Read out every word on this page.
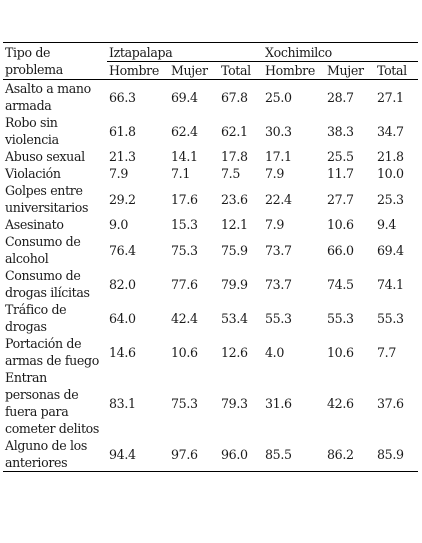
Tipo de problema	Iztapalapa			Xochimilco		
	Hombre	Mujer	Total	Hombre	Mujer	Total
Asalto a mano armada	66.3	69.4	67.8	25.0	28.7	27.1
Robo sin violencia	61.8	62.4	62.1	30.3	38.3	34.7
Abuso sexual	21.3	14.1	17.8	17.1	25.5	21.8
Violación	7.9	7.1	7.5	7.9	11.7	10.0
Golpes entre universitarios	29.2	17.6	23.6	22.4	27.7	25.3
Asesinato	9.0	15.3	12.1	7.9	10.6	9.4
Consumo de alcohol	76.4	75.3	75.9	73.7	66.0	69.4
Consumo de drogas ilícitas	82.0	77.6	79.9	73.7	74.5	74.1
Tráfico de drogas	64.0	42.4	53.4	55.3	55.3	55.3
Portación de armas de fuego	14.6	10.6	12.6	4.0	10.6	7.7
Entran personas de fuera para cometer delitos	83.1	75.3	79.3	31.6	42.6	37.6
Alguno de los anteriores	94.4	97.6	96.0	85.5	86.2	85.9
